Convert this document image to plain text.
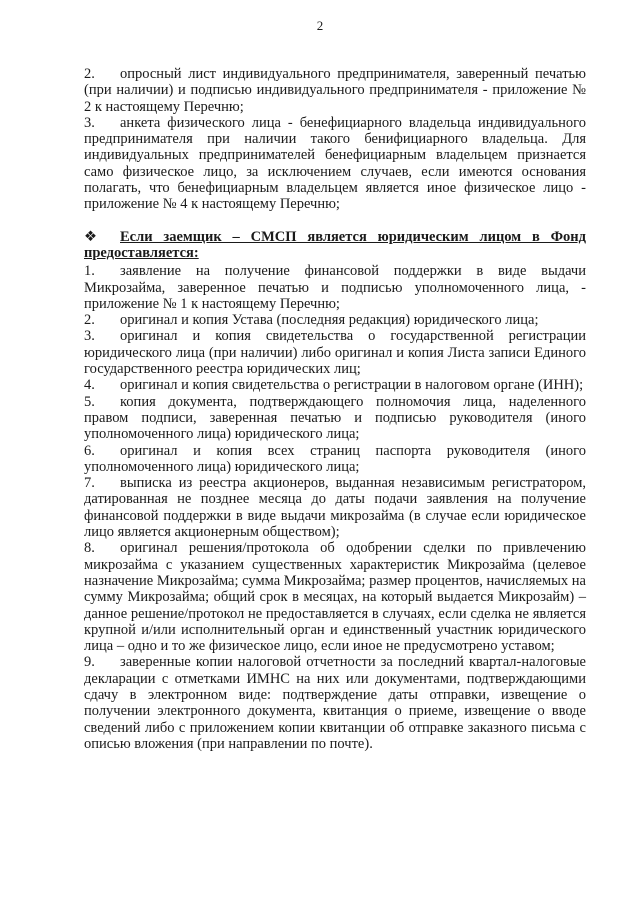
2

2. опросный лист индивидуального предпринимателя, заверенный печатью (при наличии) и подписью индивидуального предпринимателя - приложение № 2 к настоящему Перечню;

3. анкета физического лица - бенефициарного владельца индивидуального предпринимателя при наличии такого бенифициарного владельца. Для индивидуальных предпринимателей бенефициарным владельцем признается само физическое лицо, за исключением случаев, если имеются основания полагать, что бенефициарным владельцем является иное физическое лицо - приложение № 4 к настоящему Перечню;

❖ Если заемщик – СМСП является юридическим лицом в Фонд предоставляется:

1. заявление на получение финансовой поддержки в виде выдачи Микрозайма, заверенное печатью и подписью уполномоченного лица, - приложение № 1 к настоящему Перечню;

2. оригинал и копия Устава (последняя редакция) юридического лица;

3. оригинал и копия свидетельства о государственной регистрации юридического лица (при наличии) либо оригинал и копия Листа записи Единого государственного реестра юридических лиц;

4. оригинал и копия свидетельства о регистрации в налоговом органе (ИНН);

5. копия документа, подтверждающего полномочия лица, наделенного правом подписи, заверенная печатью и подписью руководителя (иного уполномоченного лица) юридического лица;

6. оригинал и копия всех страниц паспорта руководителя (иного уполномоченного лица) юридического лица;

7. выписка из реестра акционеров, выданная независимым регистратором, датированная не позднее месяца до даты подачи заявления на получение финансовой поддержки в виде выдачи микрозайма (в случае если юридическое лицо является акционерным обществом);

8. оригинал решения/протокола об одобрении сделки по привлечению микрозайма с указанием существенных характеристик Микрозайма (целевое назначение Микрозайма; сумма Микрозайма; размер процентов, начисляемых на сумму Микрозайма; общий срок в месяцах, на который выдается Микрозайм) – данное решение/протокол не предоставляется в случаях, если сделка не является крупной и/или исполнительный орган и единственный участник юридического лица – одно и то же физическое лицо, если иное не предусмотрено уставом;

9. заверенные копии налоговой отчетности за последний квартал-налоговые декларации с отметками ИМНС на них или документами, подтверждающими сдачу в электронном виде: подтверждение даты отправки, извещение о получении электронного документа, квитанция о приеме, извещение о вводе сведений либо с приложением копии квитанции об отправке заказного письма с описью вложения (при направлении по почте).
